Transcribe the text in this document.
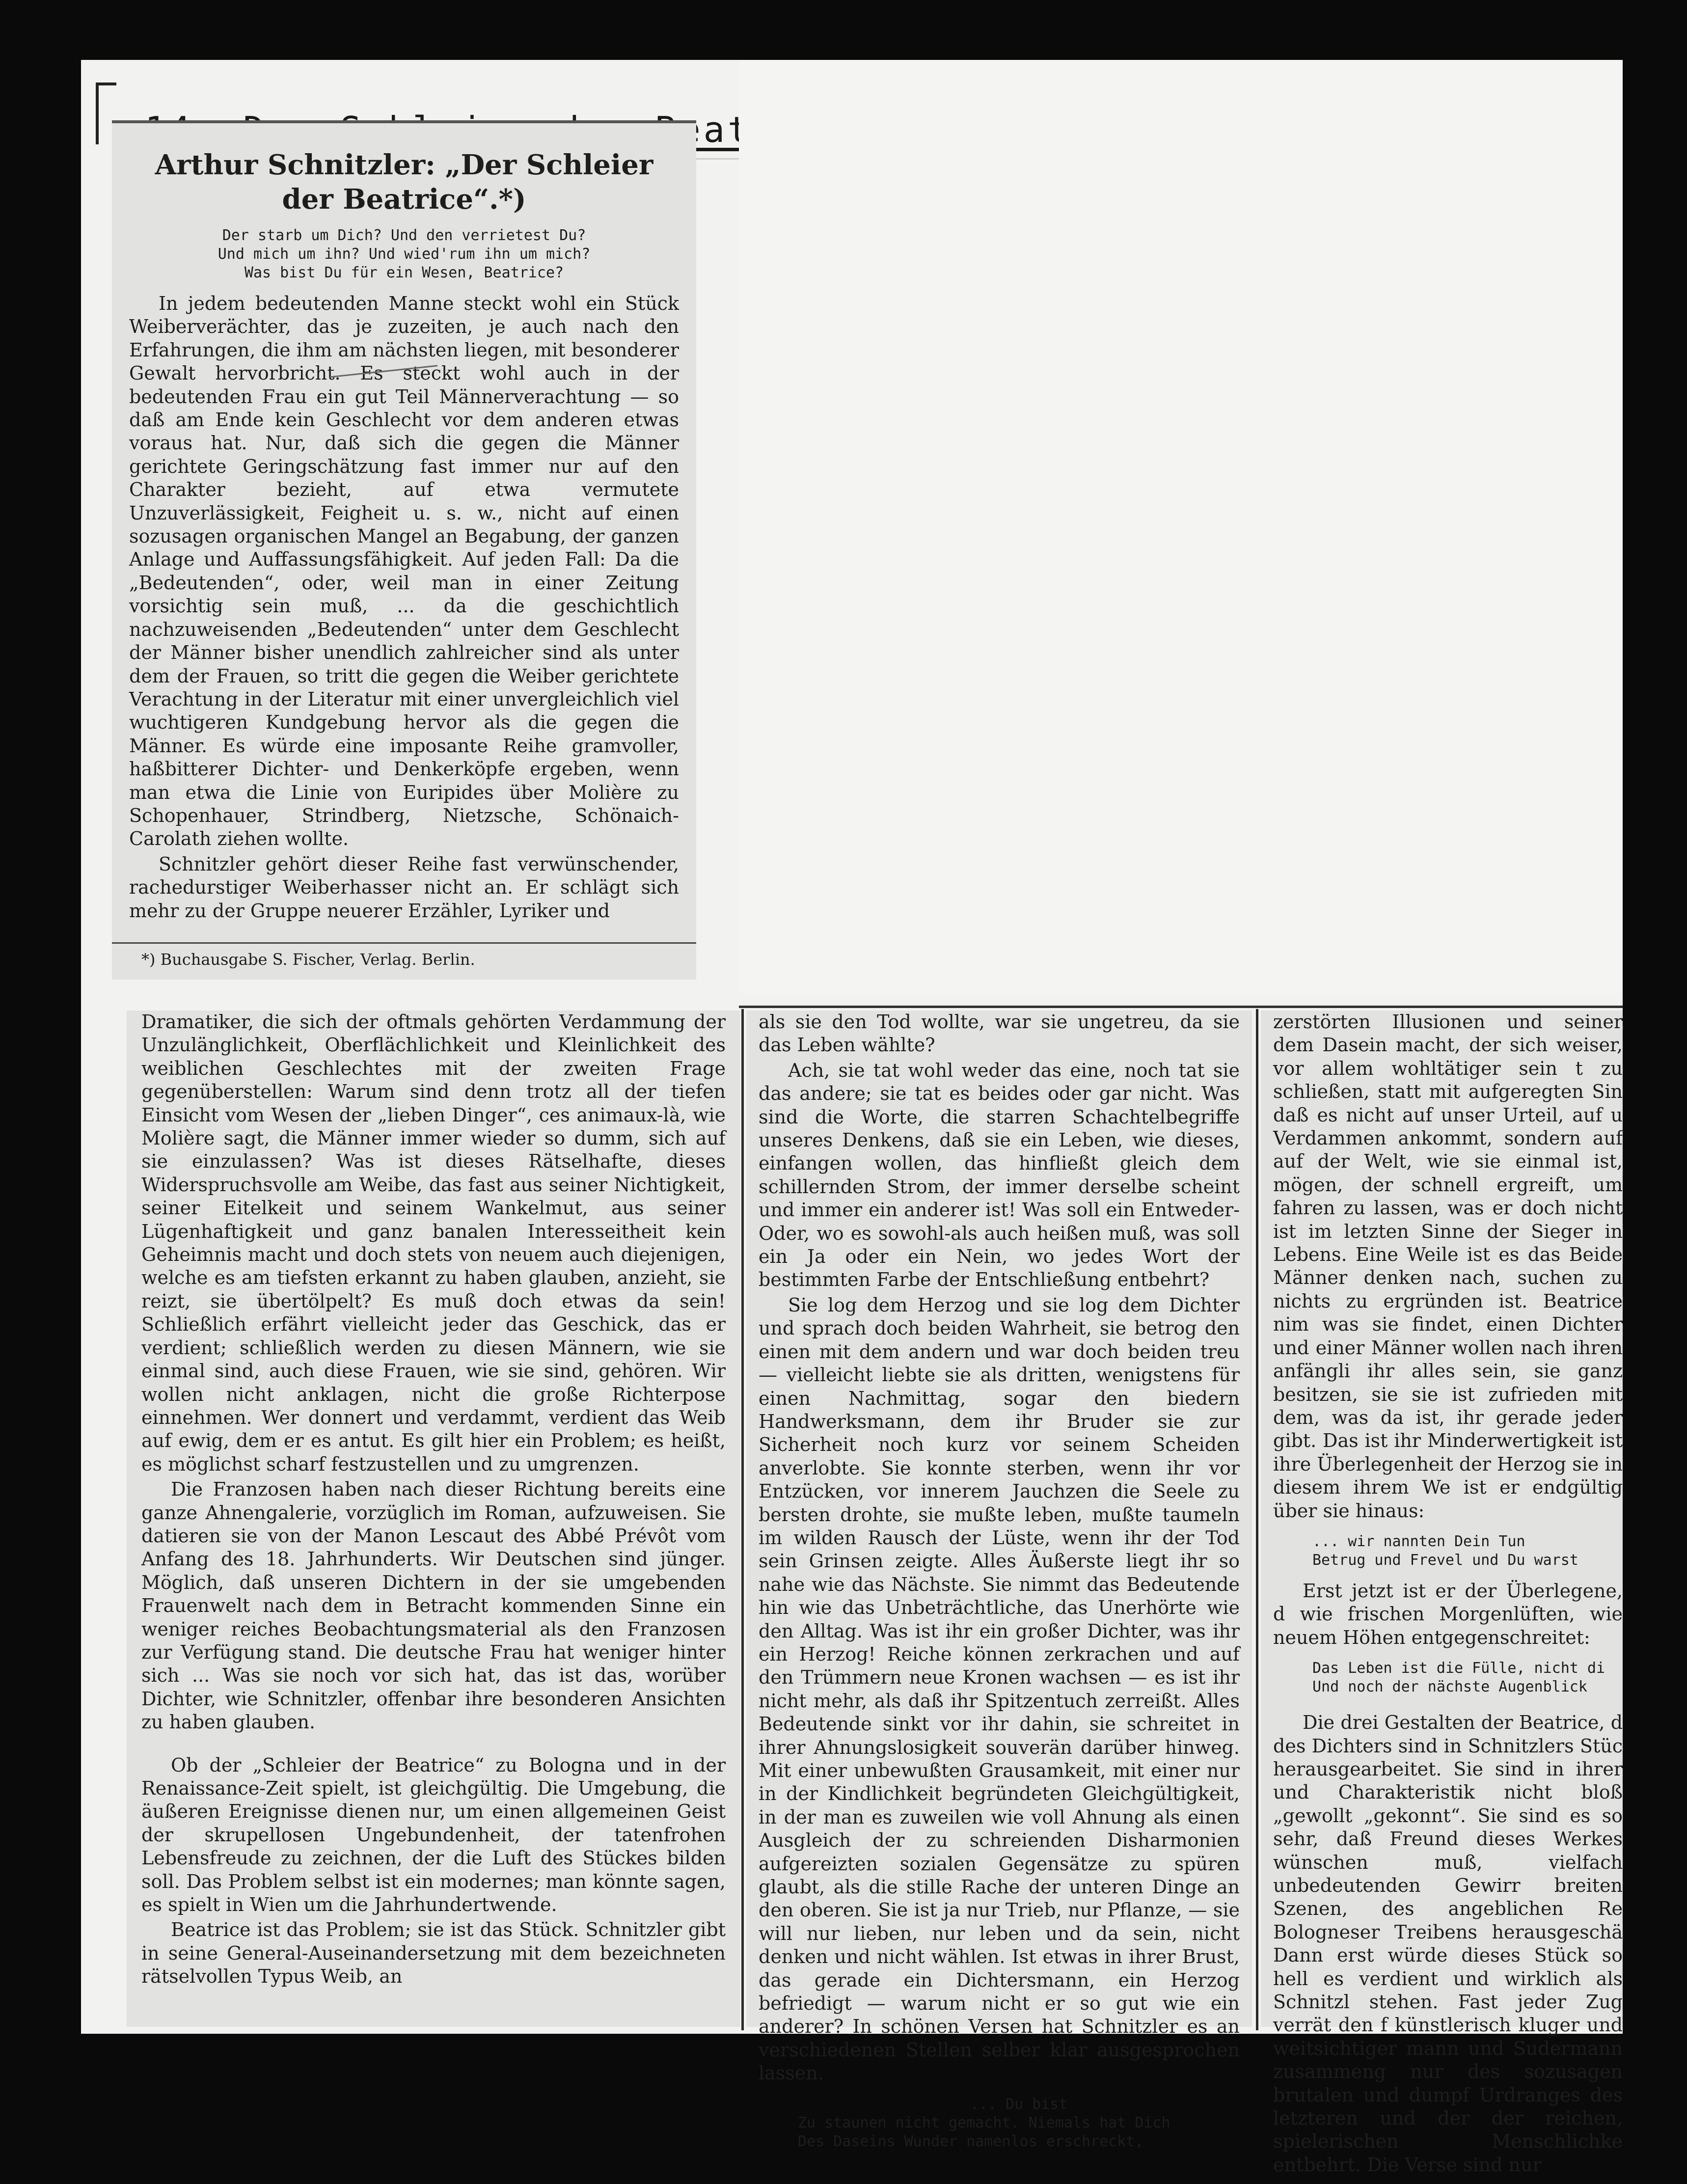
Arthur Schnitzler: „Der Schleier der Beatrice“.*)
Der starb um Dich? Und den verrietest Du?
Und mich um ihn? Und wied'rum ihn um mich?
Was bist Du für ein Wesen, Beatrice?

In jedem bedeutenden Manne steckt wohl ein Stück Weiberverächter, das je zuzeiten, je auch nach den Erfahrungen, die ihm am nächsten liegen, mit besonderer Gewalt hervorbricht. Es steckt wohl auch in der bedeutenden Frau ein gut Teil Männerverachtung — so daß am Ende kein Geschlecht vor dem anderen etwas voraus hat. Nur, daß sich die gegen die Männer gerichtete Geringschätzung fast immer nur auf den Charakter bezieht, auf etwa vermutete Unzuverlässigkeit, Feigheit u. s. w., nicht auf einen sozusagen organischen Mangel an Begabung, der ganzen Anlage und Auffassungsfähigkeit. Auf jeden Fall: Da die „Bedeutenden“, oder, weil man in einer Zeitung vorsichtig sein muß, ... da die geschichtlich nachzuweisenden „Bedeutenden“ unter dem Geschlecht der Männer bisher unendlich zahlreicher sind als unter dem der Frauen, so tritt die gegen die Weiber gerichtete Verachtung in der Literatur mit einer unvergleichlich viel wuchtigeren Kundgebung hervor als die gegen die Männer. Es würde eine imposante Reihe gramvoller, haßbitterer Dichter- und Denkerköpfe ergeben, wenn man etwa die Linie von Euripides über Molière zu Schopenhauer, Strindberg, Nietzsche, Schönaich-Carolath ziehen wollte.

Schnitzler gehört dieser Reihe fast verwünschender, rachedurstiger Weiberhasser nicht an. Er schlägt sich mehr zu der Gruppe neuerer Erzähler, Lyriker und

*) Buchausgabe S. Fischer, Verlag. Berlin.

Dramatiker, die sich der oftmals gehörten Verdammung der Unzulänglichkeit, Oberflächlichkeit und Kleinlichkeit des weiblichen Geschlechtes mit der zweiten Frage gegenüberstellen: Warum sind denn trotz all der tiefen Einsicht vom Wesen der „lieben Dinger“, ces animaux-là, wie Molière sagt, die Männer immer wieder so dumm, sich auf sie einzulassen? Was ist dieses Rätselhafte, dieses Widerspruchsvolle am Weibe, das fast aus seiner Nichtigkeit, seiner Eitelkeit und seinem Wankelmut, aus seiner Lügenhaftigkeit und ganz banalen Interesseitheit kein Geheimnis macht und doch stets von neuem auch diejenigen, welche es am tiefsten erkannt zu haben glauben, anzieht, sie reizt, sie übertölpelt? Es muß doch etwas da sein! Schließlich erfährt vielleicht jeder das Geschick, das er verdient; schließlich werden zu diesen Männern, wie sie einmal sind, auch diese Frauen, wie sie sind, gehören. Wir wollen nicht anklagen, nicht die große Richterpose einnehmen. Wer donnert und verdammt, verdient das Weib auf ewig, dem er es antut. Es gilt hier ein Problem; es heißt, es möglichst scharf festzustellen und zu umgrenzen.

Die Franzosen haben nach dieser Richtung bereits eine ganze Ahnengalerie, vorzüglich im Roman, aufzuweisen. Sie datieren sie von der Manon Lescaut des Abbé Prévôt vom Anfang des 18. Jahrhunderts. Wir Deutschen sind jünger. Möglich, daß unseren Dichtern in der sie umgebenden Frauenwelt nach dem in Betracht kommenden Sinne ein weniger reiches Beobachtungsmaterial als den Franzosen zur Verfügung stand. Die deutsche Frau hat weniger hinter sich ... Was sie noch vor sich hat, das ist das, worüber Dichter, wie Schnitzler, offenbar ihre besonderen Ansichten zu haben glauben.

Ob der „Schleier der Beatrice“ zu Bologna und in der Renaissance-Zeit spielt, ist gleichgültig. Die Umgebung, die äußeren Ereignisse dienen nur, um einen allgemeinen Geist der skrupellosen Ungebundenheit, der tatenfrohen Lebensfreude zu zeichnen, der die Luft des Stückes bilden soll. Das Problem selbst ist ein modernes; man könnte sagen, es spielt in Wien um die Jahrhundertwende.

Beatrice ist das Problem; sie ist das Stück. Schnitzler gibt in seine General-Auseinandersetzung mit dem bezeichneten rätselvollen Typus Weib, an

als sie den Tod wollte, war sie ungetreu, da sie das Leben wählte?

Ach, sie tat wohl weder das eine, noch tat sie das andere; sie tat es beides oder gar nicht. Was sind die Worte, die starren Schachtelbegriffe unseres Denkens, daß sie ein Leben, wie dieses, einfangen wollen, das hinfließt gleich dem schillernden Strom, der immer derselbe scheint und immer ein anderer ist! Was soll ein Entweder-Oder, wo es sowohl-als auch heißen muß, was soll ein Ja oder ein Nein, wo jedes Wort der bestimmten Farbe der Entschließung entbehrt?

Sie log dem Herzog und sie log dem Dichter und sprach doch beiden Wahrheit, sie betrog den einen mit dem andern und war doch beiden treu — vielleicht liebte sie als dritten, wenigstens für einen Nachmittag, sogar den biedern Handwerksmann, dem ihr Bruder sie zur Sicherheit noch kurz vor seinem Scheiden anverlobte. Sie konnte sterben, wenn ihr vor Entzücken, vor innerem Jauchzen die Seele zu bersten drohte, sie mußte leben, mußte taumeln im wilden Rausch der Lüste, wenn ihr der Tod sein Grinsen zeigte. Alles Äußerste liegt ihr so nahe wie das Nächste. Sie nimmt das Bedeutende hin wie das Unbeträchtliche, das Unerhörte wie den Alltag. Was ist ihr ein großer Dichter, was ihr ein Herzog! Reiche können zerkrachen und auf den Trümmern neue Kronen wachsen — es ist ihr nicht mehr, als daß ihr Spitzentuch zerreißt. Alles Bedeutende sinkt vor ihr dahin, sie schreitet in ihrer Ahnungslosigkeit souverän darüber hinweg. Mit einer unbewußten Grausamkeit, mit einer nur in der Kindlichkeit begründeten Gleichgültigkeit, in der man es zuweilen wie voll Ahnung als einen Ausgleich der zu schreienden Disharmonien aufgereizten sozialen Gegensätze zu spüren glaubt, als die stille Rache der unteren Dinge an den oberen. Sie ist ja nur Trieb, nur Pflanze, — sie will nur lieben, nur leben und da sein, nicht denken und nicht wählen. Ist etwas in ihrer Brust, das gerade ein Dichtersmann, ein Herzog befriedigt — warum nicht er so gut wie ein anderer? In schönen Versen hat Schnitzler es an verschiedenen Stellen selber klar ausgesprochen lassen.

... Du bist
Zu staunen nicht gemacht. Niemals hat Dich
Des Daseins Wunder namenlos erschreckt,

zerstörten Illusionen und seiner dem Dasein macht, der sich weiser, vor allem wohltätiger sein t zu schließen, statt mit aufgeregten Sin daß es nicht auf unser Urteil, auf u Verdammen ankommt, sondern auf auf der Welt, wie sie einmal ist, mögen, der schnell ergreift, um fahren zu lassen, was er doch nicht ist im letzten Sinne der Sieger in Lebens. Eine Weile ist es das Beide Männer denken nach, suchen zu nichts zu ergründen ist. Beatrice nim was sie findet, einen Dichter und einer Männer wollen nach ihren anfängli ihr alles sein, sie ganz besitzen, sie sie ist zufrieden mit dem, was da ist, ihr gerade jeder gibt. Das ist ihr Minderwertigkeit ist ihre Überlegenheit der Herzog sie in diesem ihrem We ist er endgültig über sie hinaus:

... wir nannten Dein Tun
Betrug und Frevel und Du warst

Erst jetzt ist er der Überlegene, d wie frischen Morgenlüften, wie neuem Höhen entgegenschreitet:

Das Leben ist die Fülle, nicht di
Und noch der nächste Augenblick

Die drei Gestalten der Beatrice, d des Dichters sind in Schnitzlers Stüc herausgearbeitet. Sie sind in ihrer und Charakteristik nicht bloß „gewollt „gekonnt“. Sie sind es so sehr, daß Freund dieses Werkes wünschen muß, vielfach unbedeutenden Gewirr breiten Szenen, des angeblichen Re Bologneser Treibens herausgeschä Dann erst würde dieses Stück so hell es verdient und wirklich als Schnitzl stehen. Fast jeder Zug verrät den f künstlerisch kluger und weitsichtiger mann und Sudermann zusammeng nur des sozusagen brutalen und dumpf Urdranges des letzteren und der der reichen, spielerischen Menschlichke entbehrt. Die Verse sind nur
